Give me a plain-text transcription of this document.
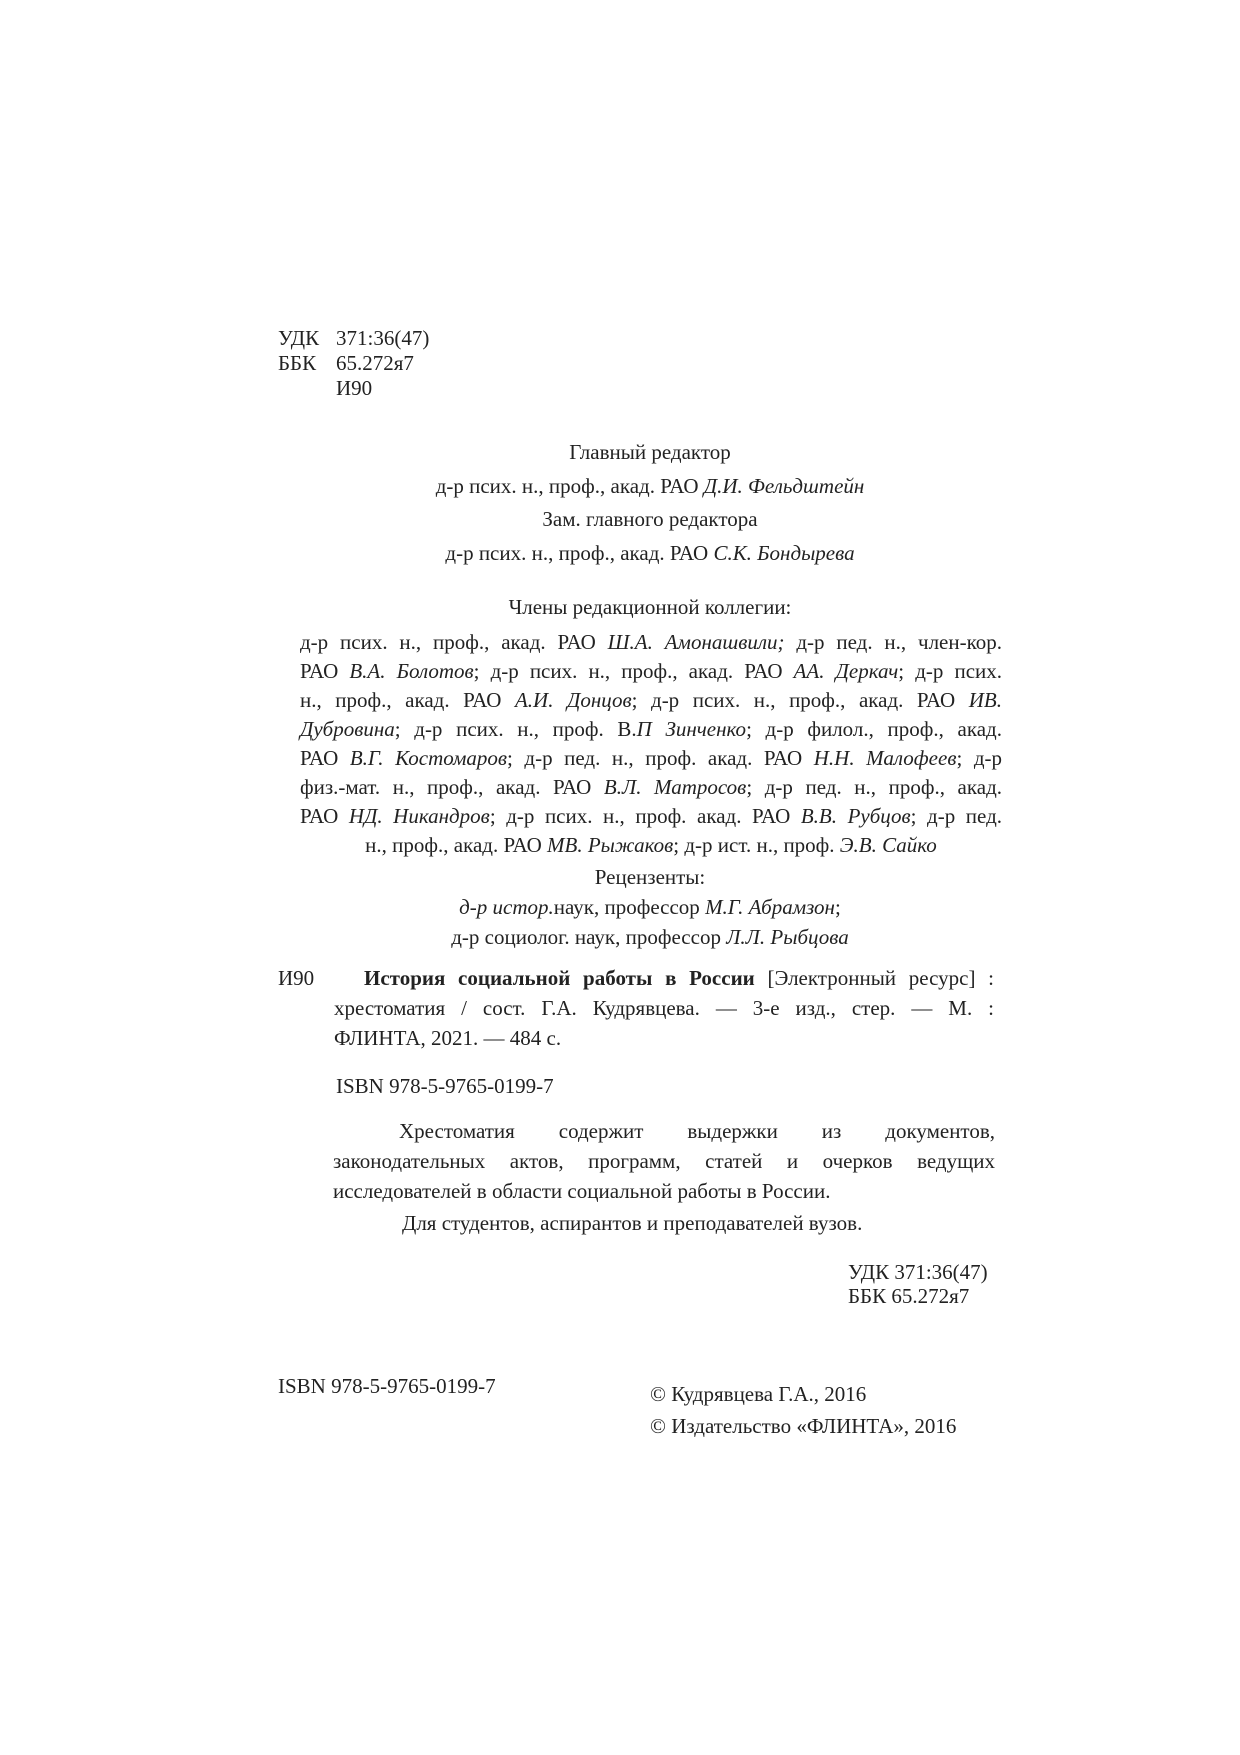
УДК 371:36(47)
ББК 65.272я7
И90
Главный редактор
д-р псих. н., проф., акад. РАО Д.И. Фельдштейн
Зам. главного редактора
д-р псих. н., проф., акад. РАО С.К. Бондырева
Члены редакционной коллегии:
д-р псих. н., проф., акад. РАО Ш.А. Амонашвили; д-р пед. н., член-кор.
РАО В.А. Болотов; д-р псих. н., проф., акад. РАО АА. Деркач; д-р псих.
н., проф., акад. РАО А.И. Донцов; д-р псих. н., проф., акад. РАО ИВ.
Дубровина; д-р псих. н., проф. В.П Зинченко; д-р филол., проф., акад.
РАО В.Г. Костомаров; д-р пед. н., проф. акад. РАО Н.Н. Малофеев; д-р
физ.-мат. н., проф., акад. РАО В.Л. Матросов; д-р пед. н., проф., акад.
РАО НД. Никандров; д-р псих. н., проф. акад. РАО В.В. Рубцов; д-р пед.
н., проф., акад. РАО МВ. Рыжаков; д-р ист. н., проф. Э.В. Сайко
Рецензенты:
д-р истор.наук, профессор М.Г. Абрамзон;
д-р социолог. наук, профессор Л.Л. Рыбцова
И90	История социальной работы в России [Электронный ресурс] :
хрестоматия / сост. Г.А. Кудрявцева. — 3-е изд., стер. — М. :
ФЛИНТА, 2021. — 484 с.
ISBN 978-5-9765-0199-7
Хрестоматия содержит выдержки из документов,
законодательных актов, программ, статей и очерков ведущих
исследователей в области социальной работы в России.
Для студентов, аспирантов и преподавателей вузов.
УДК 371:36(47)
ББК 65.272я7
ISBN 978-5-9765-0199-7	© Кудрявцева Г.А., 2016
© Издательство «ФЛИНТА», 2016
